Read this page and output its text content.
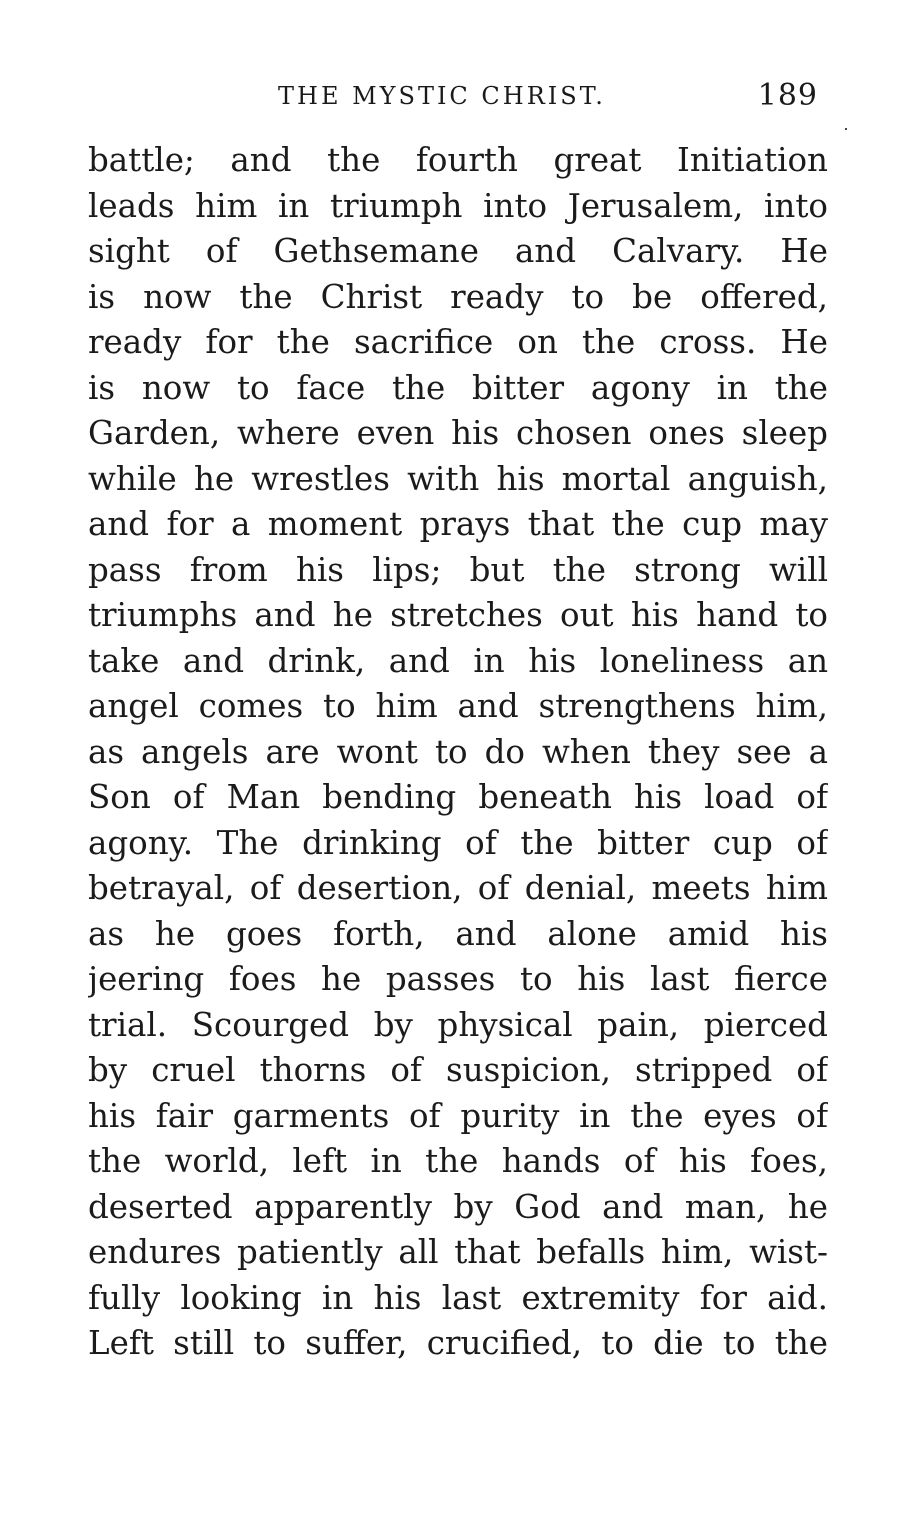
THE MYSTIC CHRIST.	189
battle; and the fourth great Initiation
leads him in triumph into Jerusalem, into
sight of Gethsemane and Calvary. He
is now the Christ ready to be offered,
ready for the sacrifice on the cross. He
is now to face the bitter agony in the
Garden, where even his chosen ones sleep
while he wrestles with his mortal anguish,
and for a moment prays that the cup may
pass from his lips; but the strong will
triumphs and he stretches out his hand to
take and drink, and in his loneliness an
angel comes to him and strengthens him,
as angels are wont to do when they see a
Son of Man bending beneath his load of
agony. The drinking of the bitter cup of
betrayal, of desertion, of denial, meets him
as he goes forth, and alone amid his
jeering foes he passes to his last fierce
trial. Scourged by physical pain, pierced
by cruel thorns of suspicion, stripped of
his fair garments of purity in the eyes of
the world, left in the hands of his foes,
deserted apparently by God and man, he
endures patiently all that befalls him, wist-
fully looking in his last extremity for aid.
Left still to suffer, crucified, to die to the
